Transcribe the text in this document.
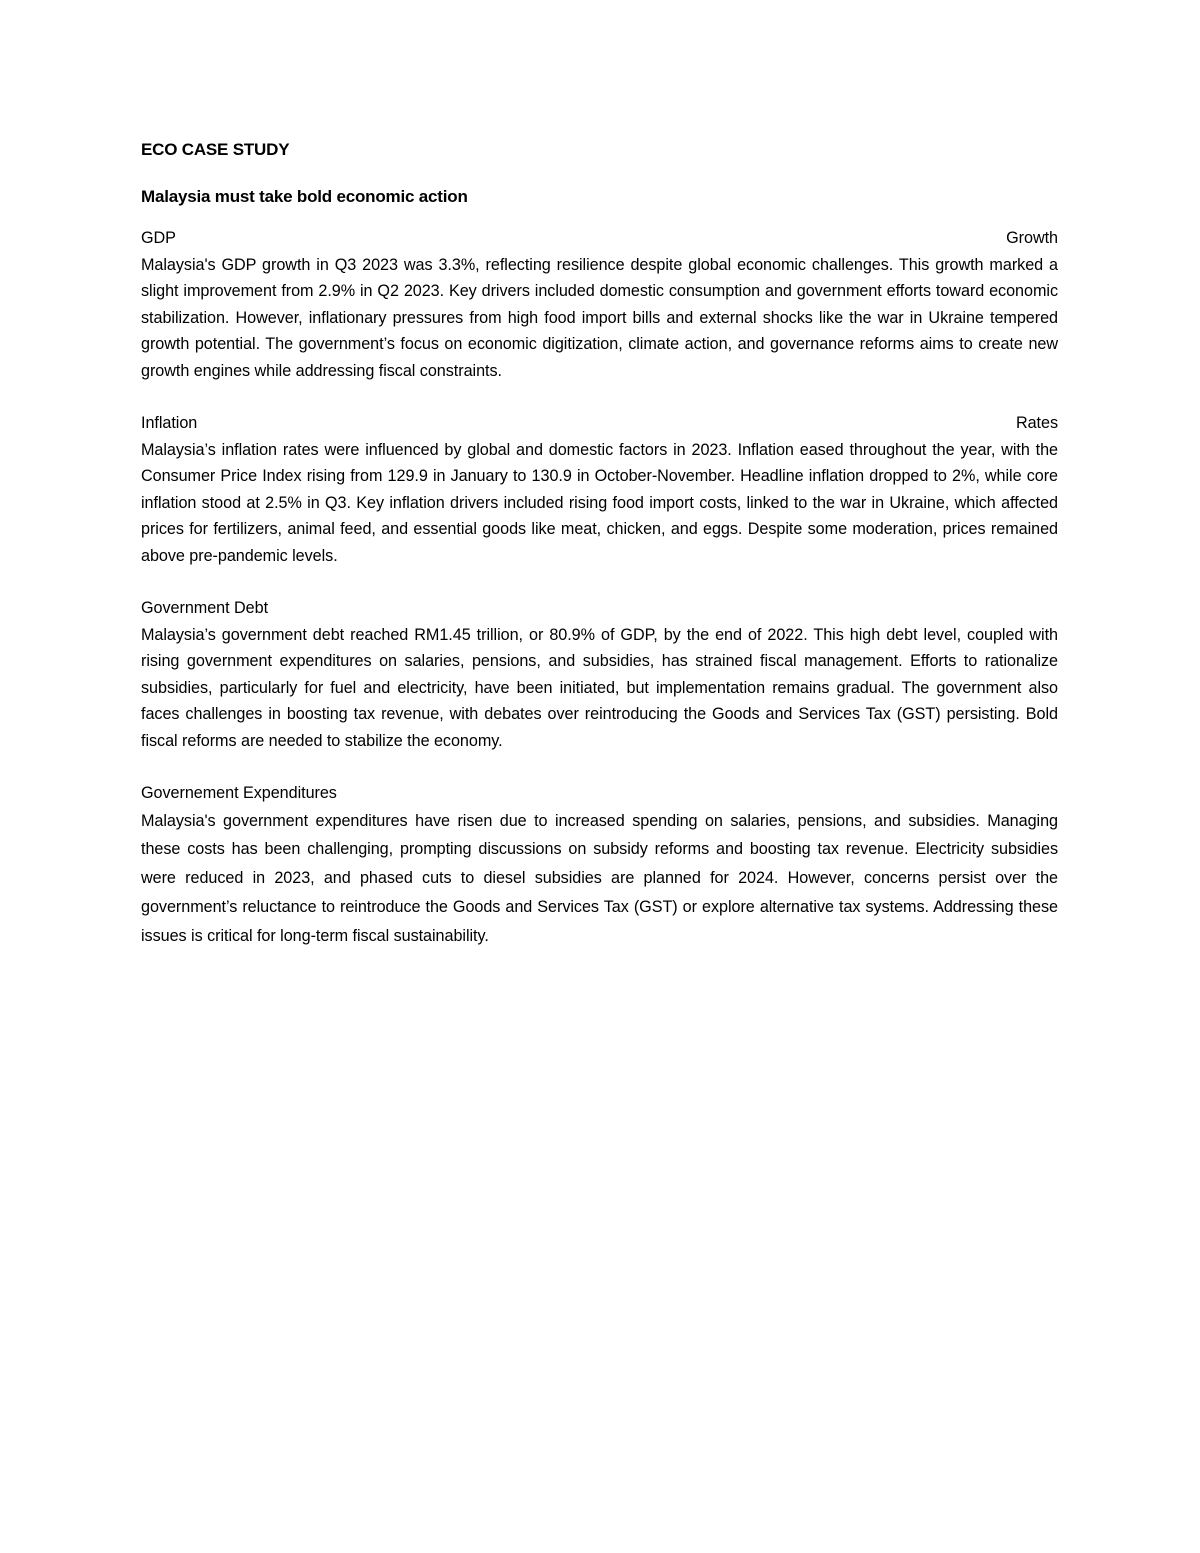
ECO CASE STUDY
Malaysia must take bold economic action
GDP	Growth

Malaysia's GDP growth in Q3 2023 was 3.3%, reflecting resilience despite global economic challenges. This growth marked a slight improvement from 2.9% in Q2 2023. Key drivers included domestic consumption and government efforts toward economic stabilization. However, inflationary pressures from high food import bills and external shocks like the war in Ukraine tempered growth potential. The government’s focus on economic digitization, climate action, and governance reforms aims to create new growth engines while addressing fiscal constraints.

Inflation	Rates

Malaysia’s inflation rates were influenced by global and domestic factors in 2023. Inflation eased throughout the year, with the Consumer Price Index rising from 129.9 in January to 130.9 in October-November. Headline inflation dropped to 2%, while core inflation stood at 2.5% in Q3. Key inflation drivers included rising food import costs, linked to the war in Ukraine, which affected prices for fertilizers, animal feed, and essential goods like meat, chicken, and eggs. Despite some moderation, prices remained above pre-pandemic levels.

Government Debt

Malaysia’s government debt reached RM1.45 trillion, or 80.9% of GDP, by the end of 2022. This high debt level, coupled with rising government expenditures on salaries, pensions, and subsidies, has strained fiscal management. Efforts to rationalize subsidies, particularly for fuel and electricity, have been initiated, but implementation remains gradual. The government also faces challenges in boosting tax revenue, with debates over reintroducing the Goods and Services Tax (GST) persisting. Bold fiscal reforms are needed to stabilize the economy.

Governement Expenditures

Malaysia's government expenditures have risen due to increased spending on salaries, pensions, and subsidies. Managing these costs has been challenging, prompting discussions on subsidy reforms and boosting tax revenue. Electricity subsidies were reduced in 2023, and phased cuts to diesel subsidies are planned for 2024. However, concerns persist over the government’s reluctance to reintroduce the Goods and Services Tax (GST) or explore alternative tax systems. Addressing these issues is critical for long-term fiscal sustainability.
